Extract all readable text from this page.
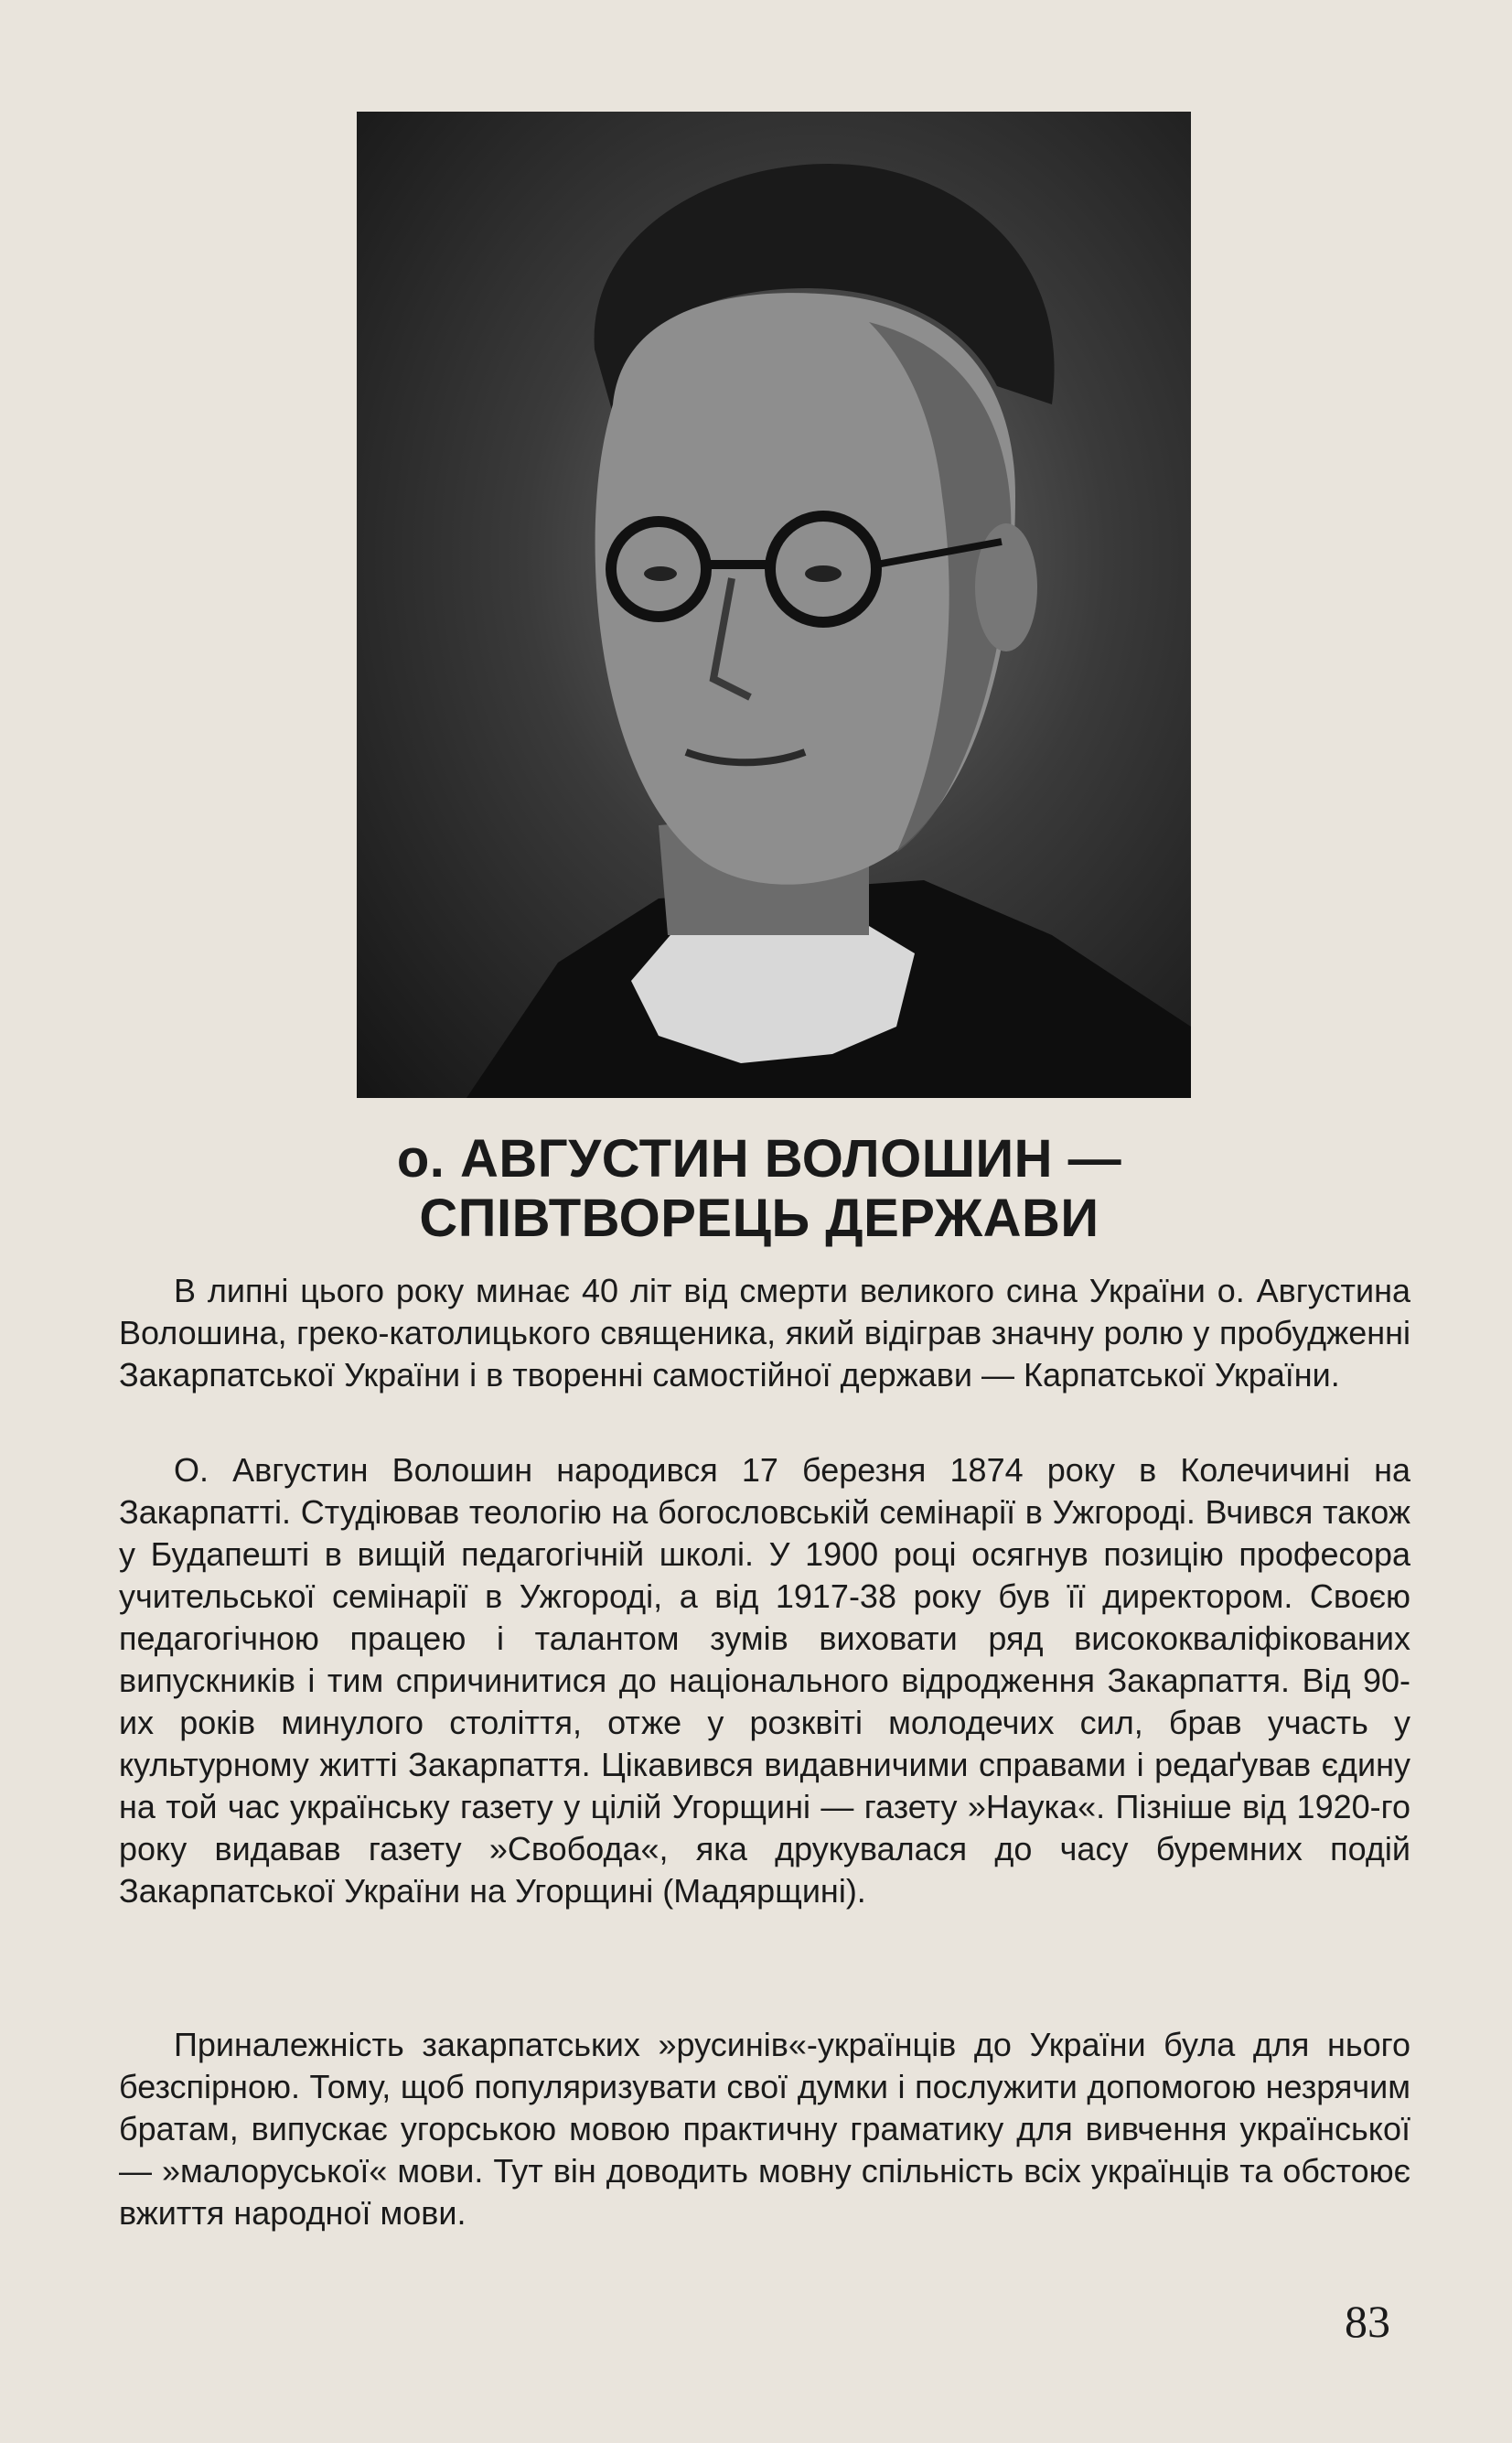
о. АВГУСТИН ВОЛОШИН —
СПІВТВОРЕЦЬ ДЕРЖАВИ
В липні цього року минає 40 літ від смерти великого сина України о. Августина Волошина, греко-католицького священика, який відіграв значну ролю у пробудженні Закарпатської України і в творенні самостійної держави — Карпатської України.
О. Августин Волошин народився 17 березня 1874 року в Колечичині на Закарпатті. Студіював теологію на богословській семінарії в Ужгороді. Вчився також у Будапешті в вищій педагогічній школі. У 1900 році осягнув позицію професора учительської семінарії в Ужгороді, а від 1917-38 року був її директором. Своєю педагогічною працею і талантом зумів виховати ряд висококваліфікованих випускників і тим спричинитися до національного відродження Закарпаття. Від 90-их років минулого століття, отже у розквіті молодечих сил, брав участь у культурному житті Закарпаття. Цікавився видавничими справами і редаґував єдину на той час українську газету у цілій Угорщині — газету »Наука«. Пізніше від 1920-го року видавав газету »Свобода«, яка друкувалася до часу буремних подій Закарпатської України на Угорщині (Мадярщині).
Приналежність закарпатських »русинів«-українців до України була для нього безспірною. Тому, щоб популяризувати свої думки і послужити допомогою незрячим братам, випускає угорською мовою практичну граматику для вивчення української — »малоруської« мови. Тут він доводить мовну спільність всіх українців та обстоює вжиття народної мови.
83
